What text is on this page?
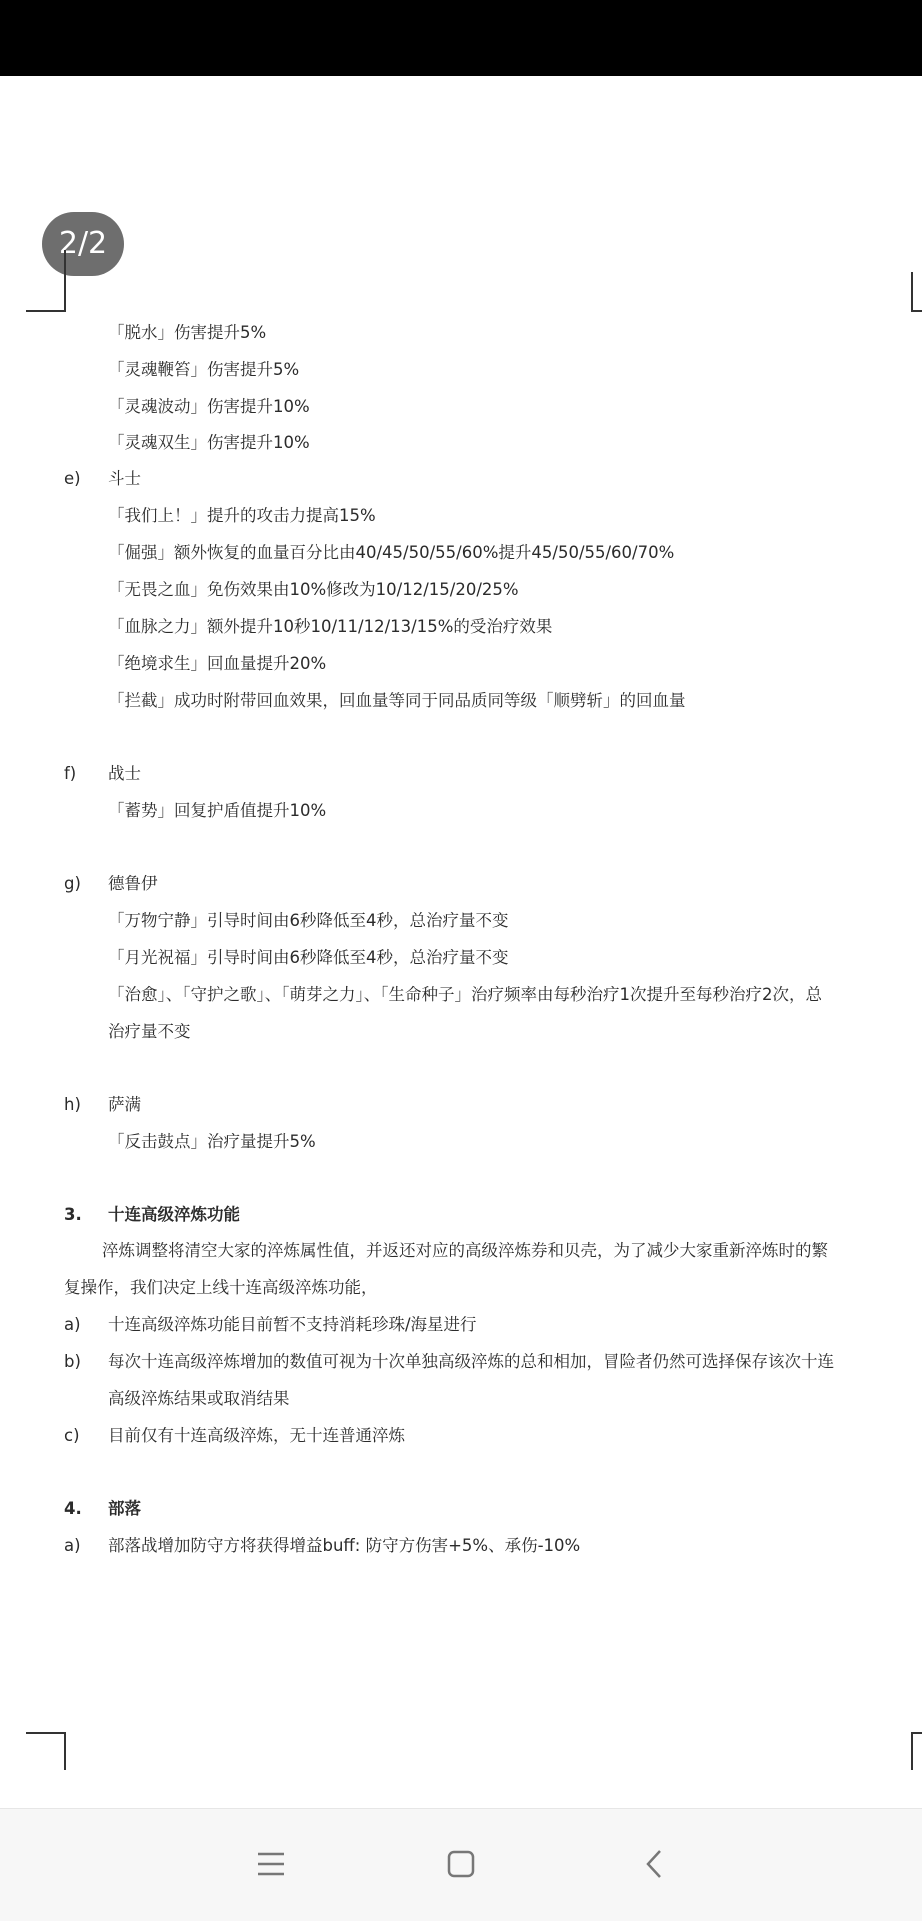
2/2
「脱水」伤害提升5%
「灵魂鞭笞」伤害提升5%
「灵魂波动」伤害提升10%
「灵魂双生」伤害提升10%
e) 斗士
「我们上！」提升的攻击力提高15%
「倔强」额外恢复的血量百分比由40/45/50/55/60%提升45/50/55/60/70%
「无畏之血」免伤效果由10%修改为10/12/15/20/25%
「血脉之力」额外提升10秒10/11/12/13/15%的受治疗效果
「绝境求生」回血量提升20%
「拦截」成功时附带回血效果，回血量等同于同品质同等级「顺劈斩」的回血量
f) 战士
「蓄势」回复护盾值提升10%
g) 德鲁伊
「万物宁静」引导时间由6秒降低至4秒，总治疗量不变
「月光祝福」引导时间由6秒降低至4秒，总治疗量不变
「治愈」、「守护之歌」、「萌芽之力」、「生命种子」治疗频率由每秒治疗1次提升至每秒治疗2次，总
治疗量不变
h) 萨满
「反击鼓点」治疗量提升5%
3. 十连高级淬炼功能
淬炼调整将清空大家的淬炼属性值，并返还对应的高级淬炼券和贝壳，为了减少大家重新淬炼时的繁
复操作，我们决定上线十连高级淬炼功能，
a) 十连高级淬炼功能目前暂不支持消耗珍珠/海星进行
b) 每次十连高级淬炼增加的数值可视为十次单独高级淬炼的总和相加，冒险者仍然可选择保存该次十连
高级淬炼结果或取消结果
c) 目前仅有十连高级淬炼，无十连普通淬炼
4. 部落
a) 部落战增加防守方将获得增益buff: 防守方伤害+5%、承伤-10%
